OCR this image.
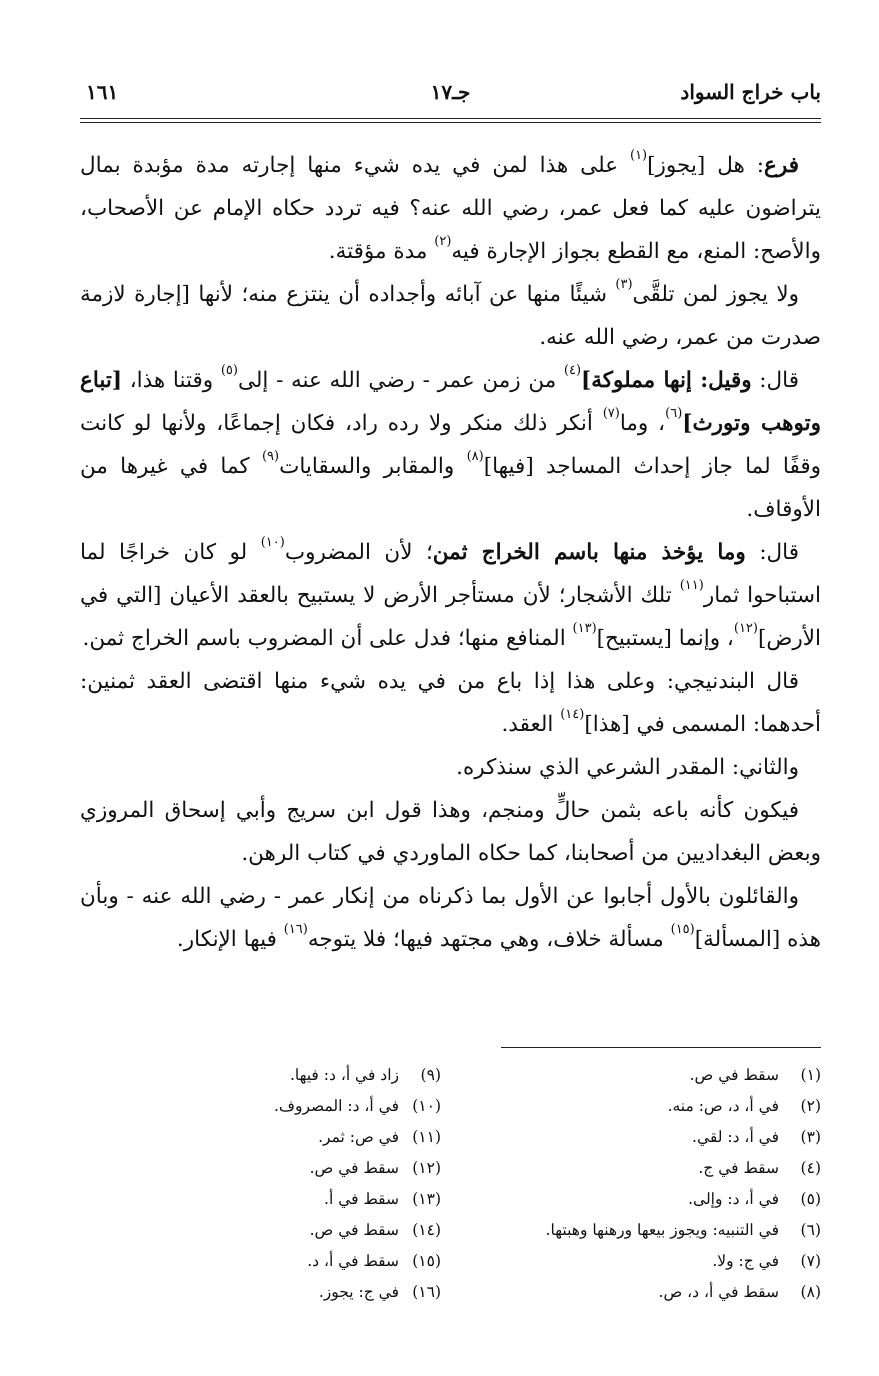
باب خراج السواد
جـ١٧
١٦١

فرع: هل [يجوز]$^{(١)}$ على هذا لمن في يده شيء منها إجارته مدة مؤبدة بمال يتراضون عليه كما فعل عمر، رضي الله عنه؟ فيه تردد حكاه الإمام عن الأصحاب، والأصح: المنع، مع القطع بجواز الإجارة فيه$^{(٢)}$ مدة مؤقتة.

ولا يجوز لمن تلقَّى$^{(٣)}$ شيئًا منها عن آبائه وأجداده أن ينتزع منه؛ لأنها [إجارة لازمة صدرت من عمر، رضي الله عنه.

قال: وقيل: إنها مملوكة]$^{(٤)}$ من زمن عمر - رضي الله عنه - إلى$^{(٥)}$ وقتنا هذا، [تباع وتوهب وتورث]$^{(٦)}$، وما$^{(٧)}$ أنكر ذلك منكر ولا رده راد، فكان إجماعًا، ولأنها لو كانت وقفًا لما جاز إحداث المساجد [فيها]$^{(٨)}$ والمقابر والسقايات$^{(٩)}$ كما في غيرها من الأوقاف.

قال: وما يؤخذ منها باسم الخراج ثمن؛ لأن المضروب$^{(١٠)}$ لو كان خراجًا لما استباحوا ثمار$^{(١١)}$ تلك الأشجار؛ لأن مستأجر الأرض لا يستبيح بالعقد الأعيان [التي في الأرض]$^{(١٢)}$، وإنما [يستبيح]$^{(١٣)}$ المنافع منها؛ فدل على أن المضروب باسم الخراج ثمن.

قال البندنيجي: وعلى هذا إذا باع من في يده شيء منها اقتضى العقد ثمنين: أحدهما: المسمى في [هذا]$^{(١٤)}$ العقد.

والثاني: المقدر الشرعي الذي سنذكره.

فيكون كأنه باعه بثمن حالٍّ ومنجم، وهذا قول ابن سريج وأبي إسحاق المروزي وبعض البغداديين من أصحابنا، كما حكاه الماوردي في كتاب الرهن.

والقائلون بالأول أجابوا عن الأول بما ذكرناه من إنكار عمر - رضي الله عنه - وبأن هذه [المسألة]$^{(١٥)}$ مسألة خلاف، وهي مجتهد فيها؛ فلا يتوجه$^{(١٦)}$ فيها الإنكار.

(١)سقط في ص.
(٢)في أ، د، ص: منه.
(٣)في أ، د: لقي.
(٤)سقط في ج.
(٥)في أ، د: وإلى.
(٦)في التنبيه: ويجوز بيعها ورهنها وهبتها.
(٧)في ج: ولا.
(٨)سقط في أ، د، ص.
(٩)زاد في أ، د: فيها.
(١٠)في أ، د: المصروف.
(١١)في ص: ثمر.
(١٢)سقط في ص.
(١٣)سقط في أ.
(١٤)سقط في ص.
(١٥)سقط في أ، د.
(١٦)في ج: يجوز.
